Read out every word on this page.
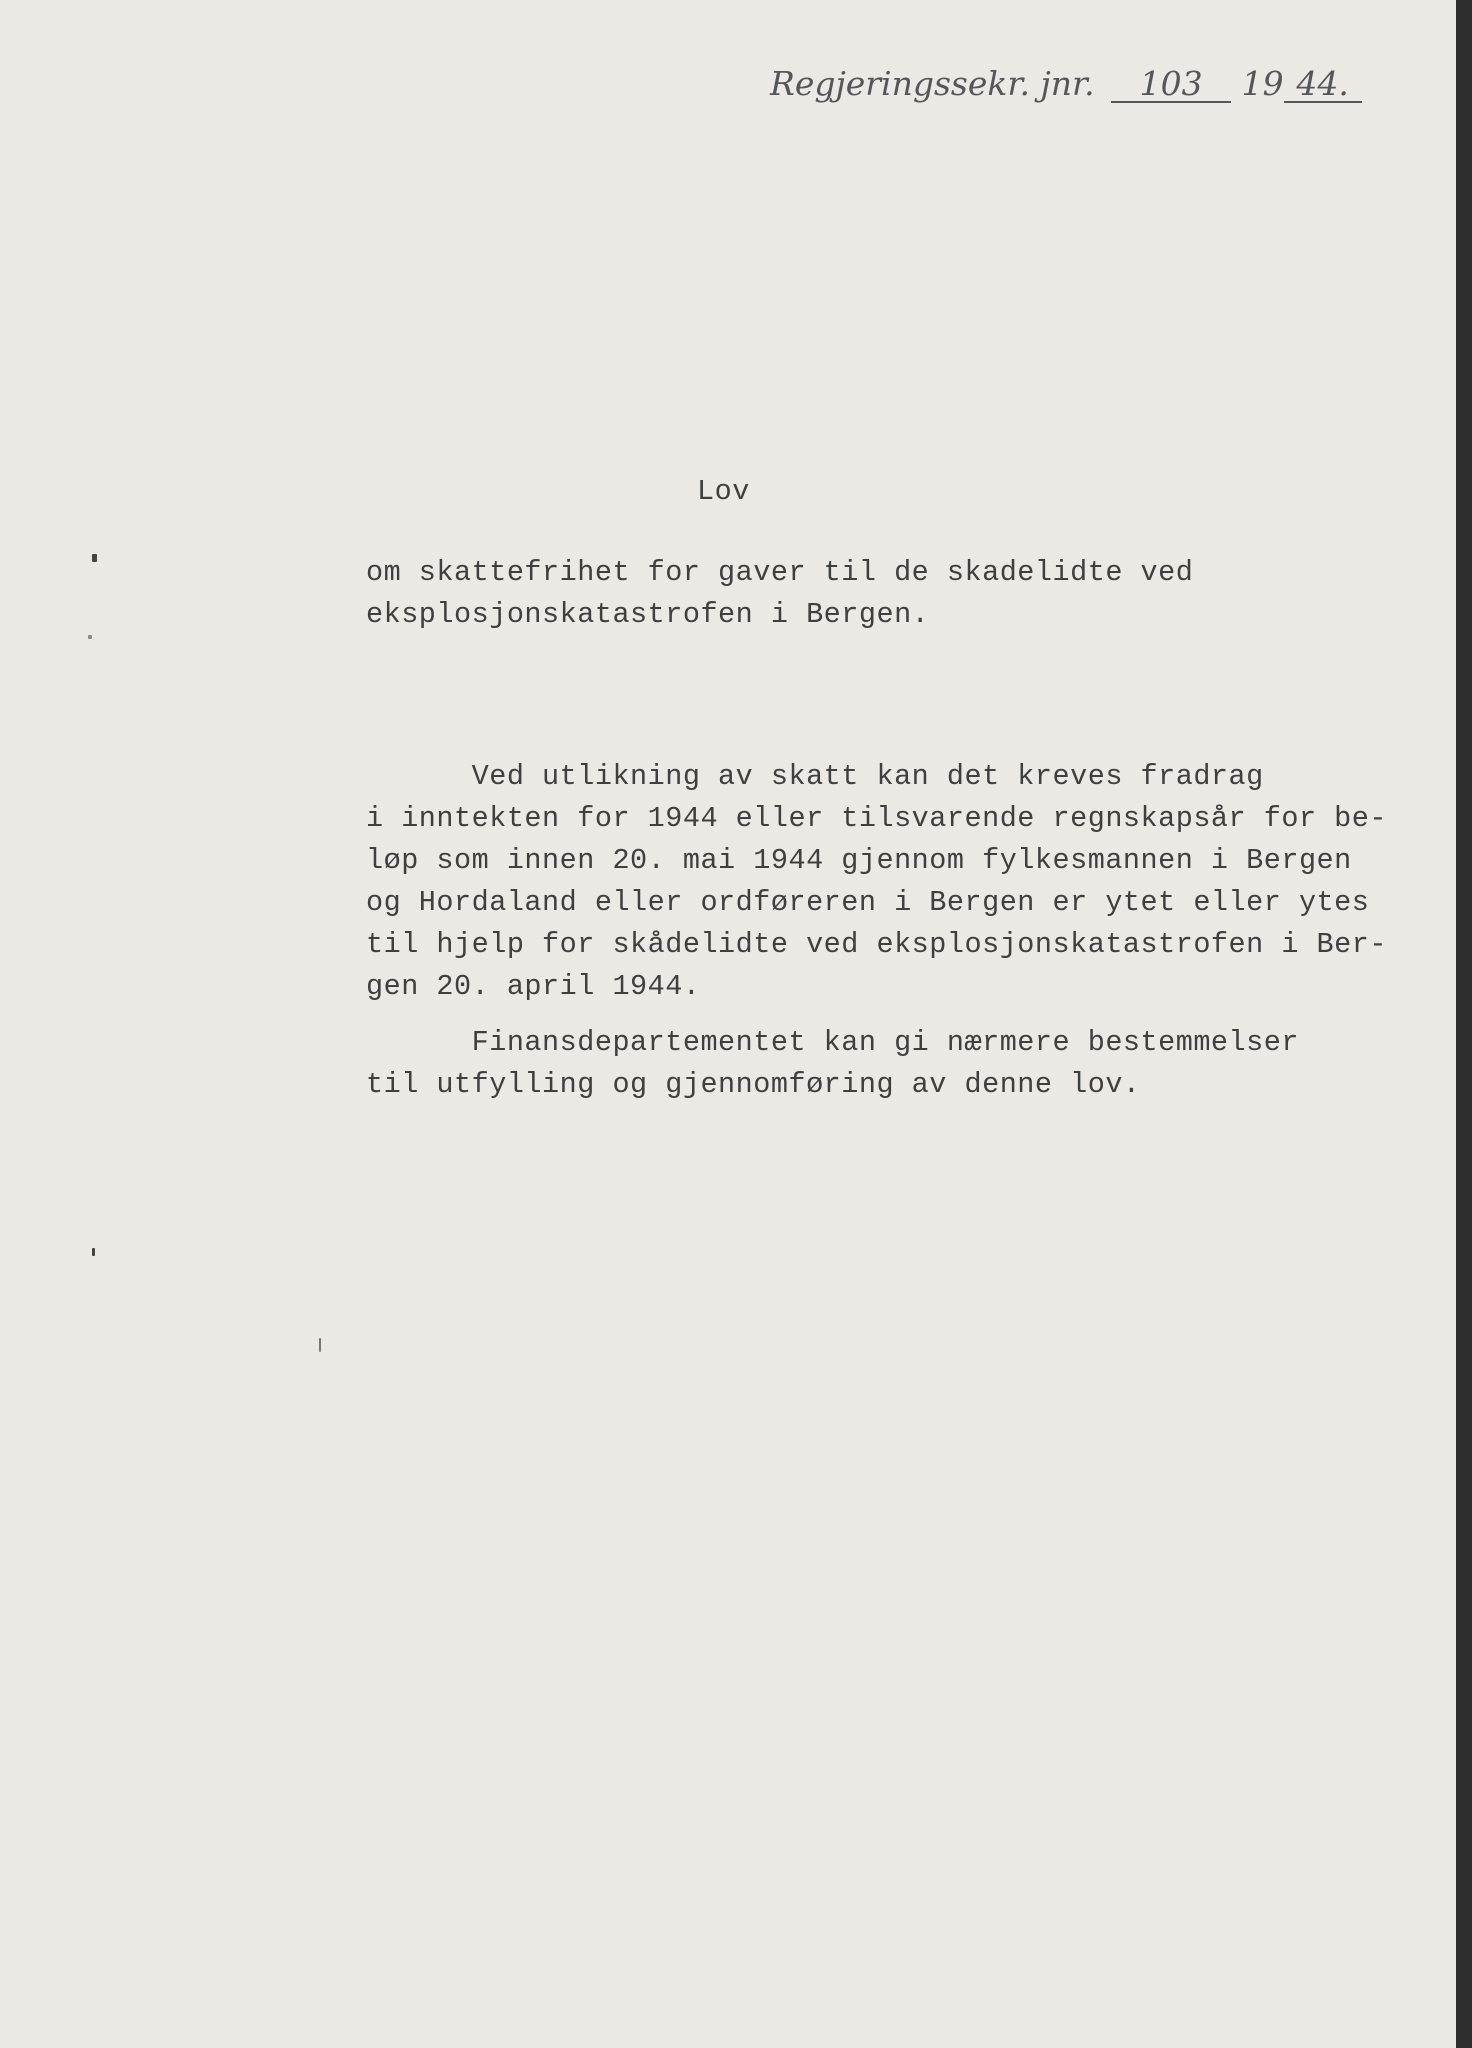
Regjeringssekr. jnr. 103 19 44.

Lov

om skattefrihet for gaver til de skadelidte ved

eksplosjonskatastrofen i Bergen.

Ved utlikning av skatt kan det kreves fradrag

i inntekten for 1944 eller tilsvarende regnskapsår for be-

løp som innen 20. mai 1944 gjennom fylkesmannen i Bergen

og Hordaland eller ordføreren i Bergen er ytet eller ytes

til hjelp for skådelidte ved eksplosjonskatastrofen i Ber-

gen 20. april 1944.

Finansdepartementet kan gi nærmere bestemmelser

til utfylling og gjennomføring av denne lov.
